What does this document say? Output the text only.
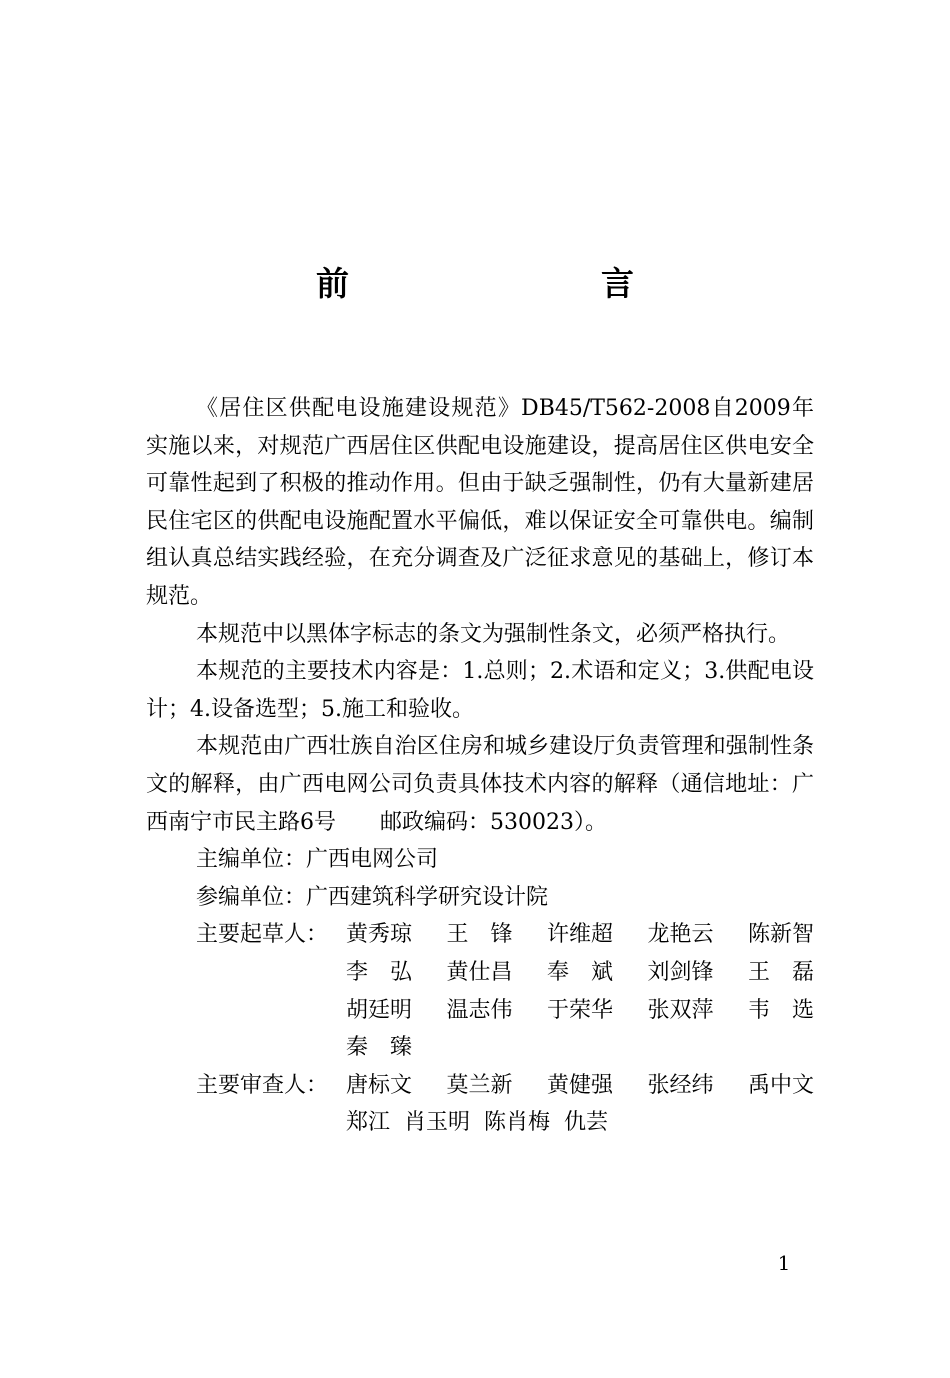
前　　言

《居住区供配电设施建设规范》DB45/T562-2008自2009年实施以来，对规范广西居住区供配电设施建设，提高居住区供电安全可靠性起到了积极的推动作用。但由于缺乏强制性，仍有大量新建居民住宅区的供配电设施配置水平偏低，难以保证安全可靠供电。编制组认真总结实践经验，在充分调查及广泛征求意见的基础上，修订本规范。

本规范中以黑体字标志的条文为强制性条文，必须严格执行。

本规范的主要技术内容是：1.总则；2.术语和定义；3.供配电设计；4.设备选型；5.施工和验收。

本规范由广西壮族自治区住房和城乡建设厅负责管理和强制性条文的解释，由广西电网公司负责具体技术内容的解释（通信地址：广西南宁市民主路6号　　邮政编码：530023）。

主编单位： 广西电网公司
参编单位： 广西建筑科学研究设计院
主要起草人： 黄秀琼 王　锋 许维超 龙艳云 陈新智
李　弘 黄仕昌 奉　斌 刘剑锋 王　磊
胡廷明 温志伟 于荣华 张双萍 韦　选
秦　臻
主要审查人： 唐标文 莫兰新 黄健强 张经纬 禹中文
郑江 肖玉明 陈肖梅 仇芸
1
